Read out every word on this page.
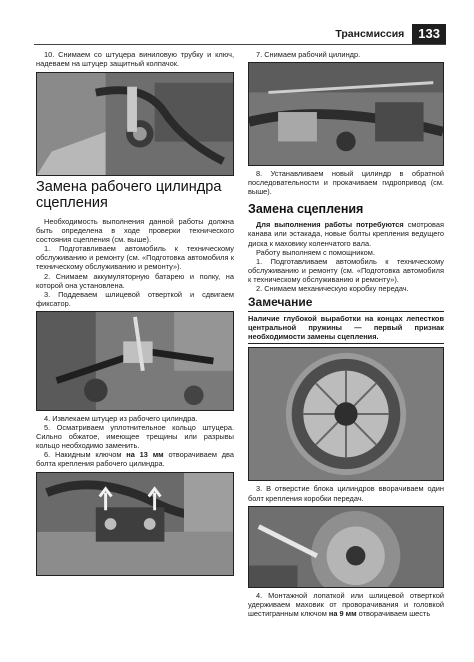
Трансмиссия	133

10. Снимаем со штуцера виниловую трубку и ключ, надеваем на штуцер защитный колпачок.

Замена рабочего цилиндра сцепления

Необходимость выполнения данной работы должна быть определена в ходе проверки технического состояния сцепления (см. выше).

1. Подготавливаем автомобиль к техническому обслуживанию и ремонту (см. «Подготовка автомобиля к техническому обслуживанию и ремонту»).

2. Снимаем аккумуляторную батарею и полку, на которой она установлена.

3. Поддеваем шлицевой отверткой и сдвигаем фиксатор.

4. Извлекаем штуцер из рабочего цилиндра.

5. Осматриваем уплотнительное кольцо штуцера. Сильно обжатое, имеющее трещины или разрывы кольцо необходимо заменить.

6. Накидным ключом на 13 мм отворачиваем два болта крепления рабочего цилиндра.

7. Снимаем рабочий цилиндр.

8. Устанавливаем новый цилиндр в обратной последовательности и прокачиваем гидропривод (см. выше).

Замена сцепления

Для выполнения работы потребуются смотровая канава или эстакада, новые болты крепления ведущего диска к маховику коленчатого вала.

Работу выполняем с помощником.

1. Подготавливаем автомобиль к техническому обслуживанию и ремонту (см. «Подготовка автомобиля к техническому обслуживанию и ремонту»).

2. Снимаем механическую коробку передач.

Замечание

Наличие глубокой выработки на концах лепестков центральной пружины — первый признак необходимости замены сцепления.

3. В отверстие блока цилиндров вворачиваем один болт крепления коробки передач.

4. Монтажной лопаткой или шлицевой отверткой удерживаем маховик от проворачивания и головкой шестигранным ключом на 9 мм отворачиваем шесть
